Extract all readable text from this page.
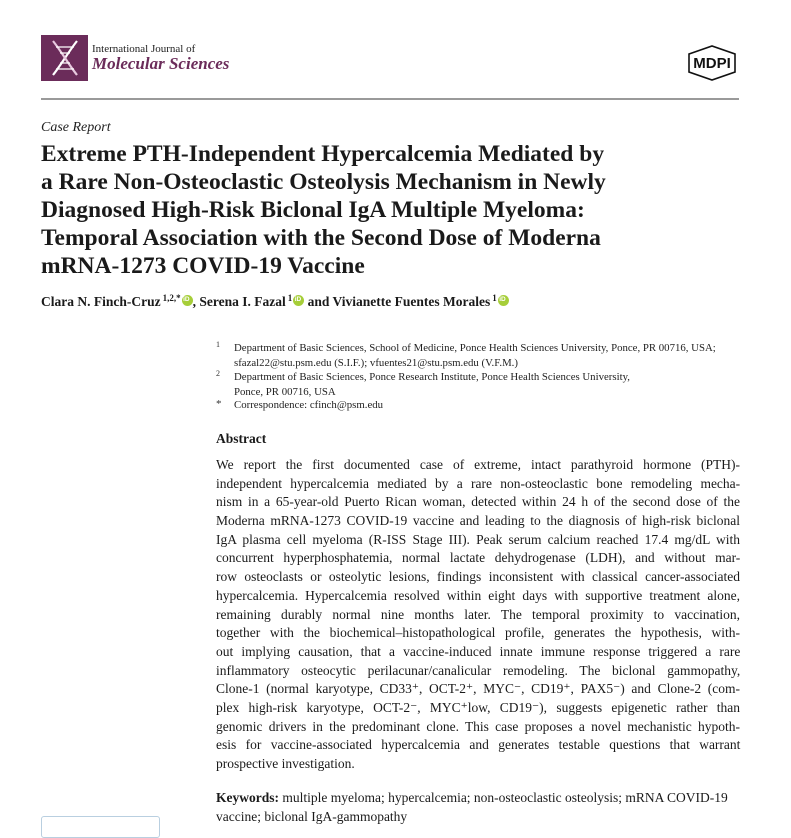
International Journal of
Molecular Sciences	MDPI
Case Report
Extreme PTH-Independent Hypercalcemia Mediated by
a Rare Non-Osteoclastic Osteolysis Mechanism in Newly
Diagnosed High-Risk Biclonal IgA Multiple Myeloma:
Temporal Association with the Second Dose of Moderna
mRNA-1273 COVID-19 Vaccine
Clara N. Finch-Cruz $^{1,2,*}$iD , Serena I. Fazal $^1$iD and Vivianette Fuentes Morales $^1$iD
1 Department of Basic Sciences, School of Medicine, Ponce Health Sciences University, Ponce, PR 00716, USA;
sfazal22@stu.psm.edu (S.I.F.); vfuentes21@stu.psm.edu (V.F.M.)
2 Department of Basic Sciences, Ponce Research Institute, Ponce Health Sciences University,
Ponce, PR 00716, USA
* Correspondence: cfinch@psm.edu
Abstract
We report the first documented case of extreme, intact parathyroid hormone (PTH)-
independent hypercalcemia mediated by a rare non-osteoclastic bone remodeling mecha-
nism in a 65-year-old Puerto Rican woman, detected within 24 h of the second dose of the
Moderna mRNA-1273 COVID-19 vaccine and leading to the diagnosis of high-risk biclonal
IgA plasma cell myeloma (R-ISS Stage III). Peak serum calcium reached 17.4 mg/dL with
concurrent hyperphosphatemia, normal lactate dehydrogenase (LDH), and without mar-
row osteoclasts or osteolytic lesions, findings inconsistent with classical cancer-associated
hypercalcemia. Hypercalcemia resolved within eight days with supportive treatment alone,
remaining durably normal nine months later. The temporal proximity to vaccination,
together with the biochemical–histopathological profile, generates the hypothesis, with-
out implying causation, that a vaccine-induced innate immune response triggered a rare
inflammatory osteocytic perilacunar/canalicular remodeling. The biclonal gammopathy,
Clone-1 (normal karyotype, CD33⁺, OCT-2⁺, MYC⁻, CD19⁺, PAX5⁻) and Clone-2 (com-
plex high-risk karyotype, OCT-2⁻, MYC⁺low, CD19⁻), suggests epigenetic rather than
genomic drivers in the predominant clone. This case proposes a novel mechanistic hypoth-
esis for vaccine-associated hypercalcemia and generates testable questions that warrant
prospective investigation.
Keywords: multiple myeloma; hypercalcemia; non-osteoclastic osteolysis; mRNA COVID-19
vaccine; biclonal IgA-gammopathy
